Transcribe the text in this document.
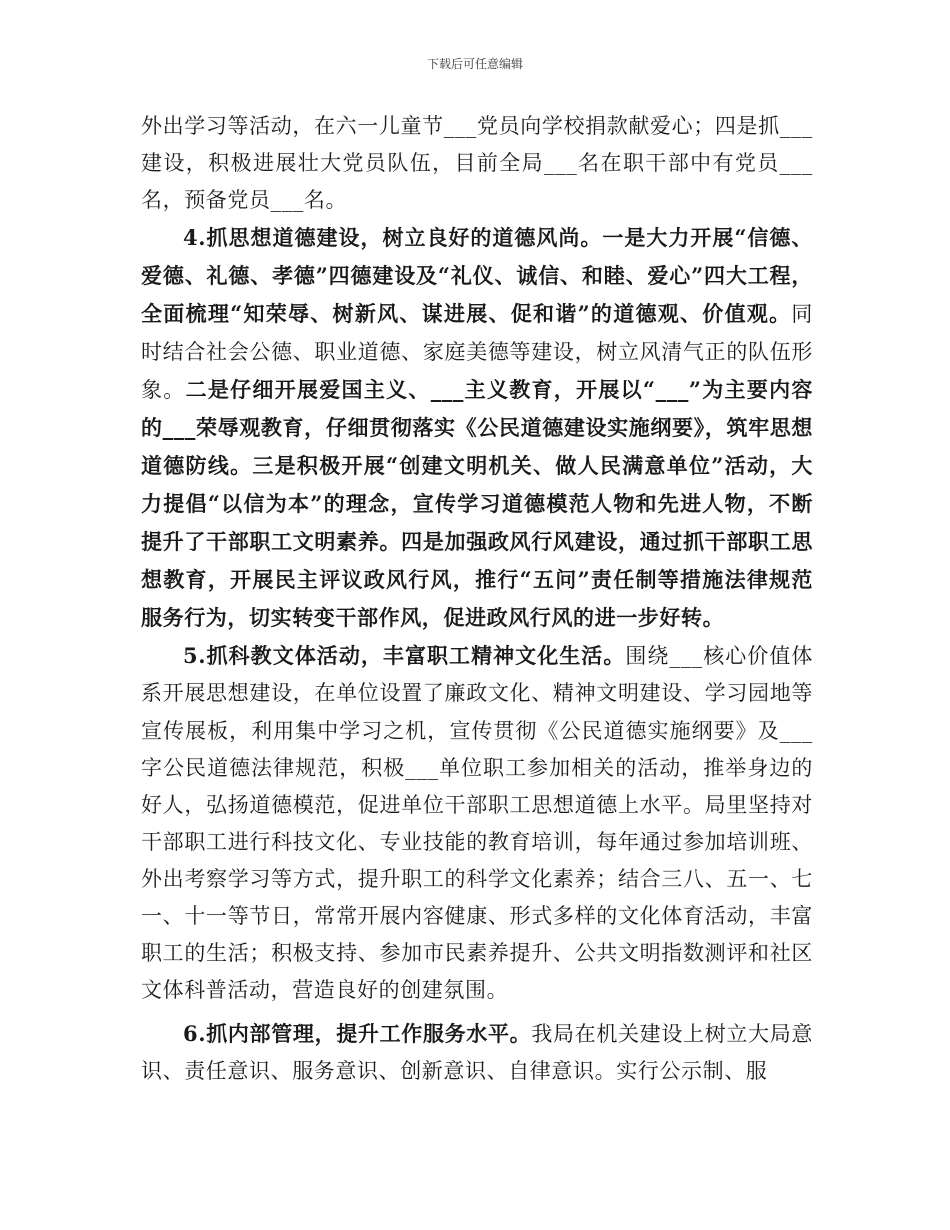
下载后可任意编辑

外出学习等活动，在六一儿童节___党员向学校捐款献爱心；四是抓___建设，积极进展壮大党员队伍，目前全局___名在职干部中有党员___名，预备党员___名。

4.抓思想道德建设，树立良好的道德风尚。一是大力开展“信德、爱德、礼德、孝德”四德建设及“礼仪、诚信、和睦、爱心”四大工程，全面梳理“知荣辱、树新风、谋进展、促和谐”的道德观、价值观。同时结合社会公德、职业道德、家庭美德等建设，树立风清气正的队伍形象。二是仔细开展爱国主义、___主义教育，开展以“___”为主要内容的___荣辱观教育，仔细贯彻落实《公民道德建设实施纲要》，筑牢思想道德防线。三是积极开展“创建文明机关、做人民满意单位”活动，大力提倡“以信为本”的理念，宣传学习道德模范人物和先进人物，不断提升了干部职工文明素养。四是加强政风行风建设，通过抓干部职工思想教育，开展民主评议政风行风，推行“五问”责任制等措施法律规范服务行为，切实转变干部作风，促进政风行风的进一步好转。

5.抓科教文体活动，丰富职工精神文化生活。围绕___核心价值体系开展思想建设，在单位设置了廉政文化、精神文明建设、学习园地等宣传展板，利用集中学习之机，宣传贯彻《公民道德实施纲要》及___字公民道德法律规范，积极___单位职工参加相关的活动，推举身边的好人，弘扬道德模范，促进单位干部职工思想道德上水平。局里坚持对干部职工进行科技文化、专业技能的教育培训，每年通过参加培训班、外出考察学习等方式，提升职工的科学文化素养；结合三八、五一、七一、十一等节日，常常开展内容健康、形式多样的文化体育活动，丰富职工的生活；积极支持、参加市民素养提升、公共文明指数测评和社区文体科普活动，营造良好的创建氛围。

6.抓内部管理，提升工作服务水平。我局在机关建设上树立大局意识、责任意识、服务意识、创新意识、自律意识。实行公示制、服
